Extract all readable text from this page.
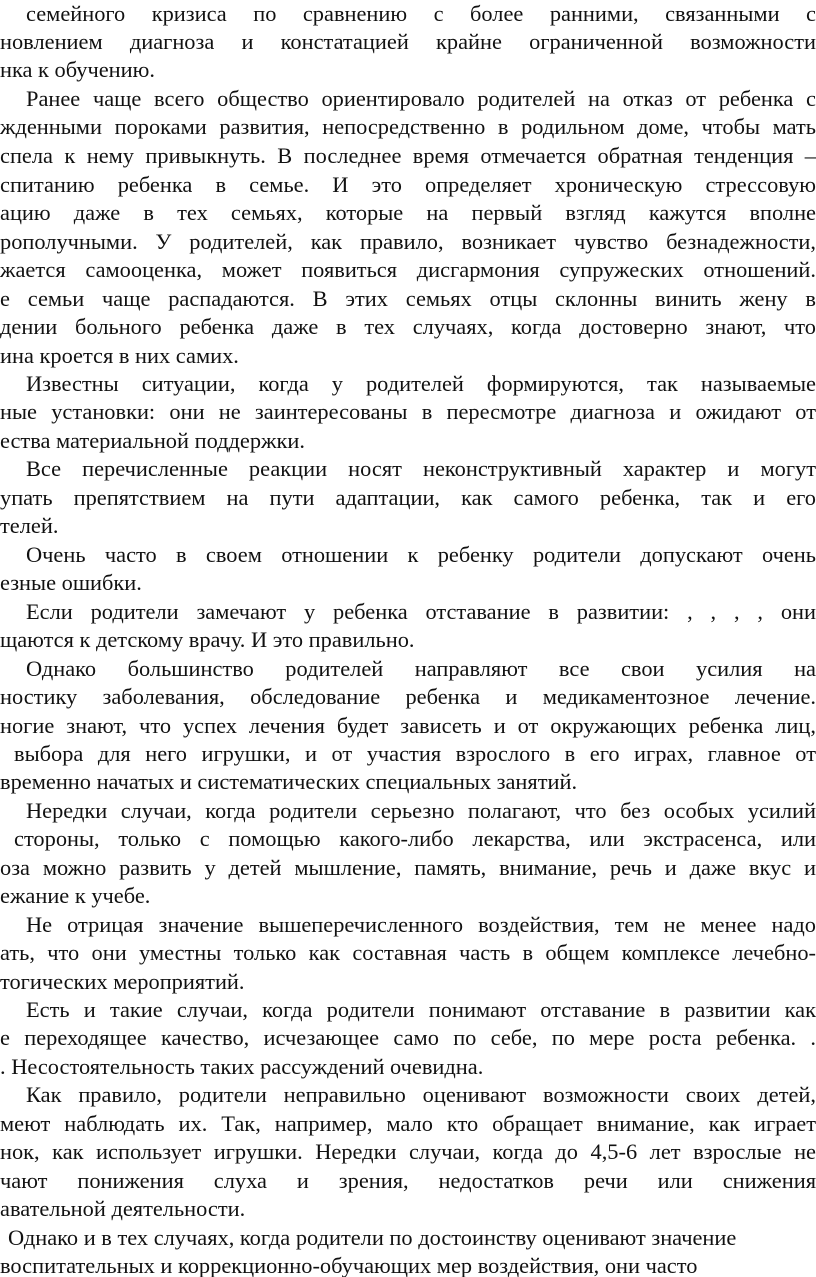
семейного кризиса по сравнению с более ранними, связанными с
новлением диагноза и констатацией крайне ограниченной возможности
нка к обучению.
Ранее чаще всего общество ориентировало родителей на отказ от ребенка с
жденными пороками развития, непосредственно в родильном доме, чтобы мать
спела к нему привыкнуть. В последнее время отмечается обратная тенденция –
спитанию ребенка в семье. И это определяет хроническую стрессовую
ацию даже в тех семьях, которые на первый взгляд кажутся вполне
рополучными. У родителей, как правило, возникает чувство безнадежности,
жается самооценка, может появиться дисгармония супружеских отношений.
е семьи чаще распадаются. В этих семьях отцы склонны винить жену в
дении больного ребенка даже в тех случаях, когда достоверно знают, что
ина кроется в них самих.
Известны ситуации, когда у родителей формируются, так называемые
ные установки: они не заинтересованы в пересмотре диагноза и ожидают от
ества материальной поддержки.
Все перечисленные реакции носят неконструктивный характер и могут
упать препятствием на пути адаптации, как самого ребенка, так и его
телей.
Очень часто в своем отношении к ребенку родители допускают очень
езные ошибки.
Если родители замечают у ребенка отставание в развитии: , , , , они
щаются к детскому врачу. И это правильно.
Однако большинство родителей направляют все свои усилия на
ностику заболевания, обследование ребенка и медикаментозное лечение.
ногие знают, что успех лечения будет зависеть и от окружающих ребенка лиц,
выбора для него игрушки, и от участия взрослого в его играх, главное от
временно начатых и систематических специальных занятий.
Нередки случаи, когда родители серьезно полагают, что без особых усилий
стороны, только с помощью какого-либо лекарства, или экстрасенса, или
оза можно развить у детей мышление, память, внимание, речь и даже вкус и
ежание к учебе.
Не отрицая значение вышеперечисленного воздействия, тем не менее надо
ать, что они уместны только как составная часть в общем комплексе лечебно-
тогических мероприятий.
Есть и такие случаи, когда родители понимают отставание в развитии как
е переходящее качество, исчезающее само по себе, по мере роста ребенка. .
. Несостоятельность таких рассуждений очевидна.
Как правило, родители неправильно оценивают возможности своих детей,
меют наблюдать их. Так, например, мало кто обращает внимание, как играет
нок, как использует игрушки. Нередки случаи, когда до 4,5-6 лет взрослые не
чают понижения слуха и зрения, недостатков речи или снижения
авательной деятельности.
Однако и в тех случаях, когда родители по достоинству оценивают значение
воспитательных и коррекционно-обучающих мер воздействия, они часто
